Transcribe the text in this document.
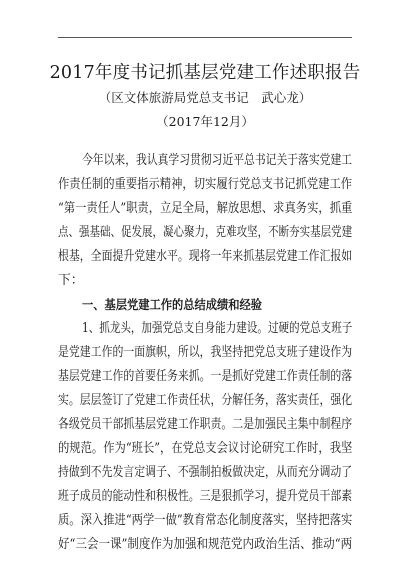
2017年度书记抓基层党建工作述职报告
（区文体旅游局党总支书记　武心龙）
（2017年12月）
今年以来，我认真学习贯彻习近平总书记关于落实党建工
作责任制的重要指示精神，切实履行党总支书记抓党建工作
“第一责任人”职责，立足全局，解放思想、求真务实，抓重
点、强基础、促发展，凝心聚力，克难攻坚，不断夯实基层党建
根基，全面提升党建水平。现将一年来抓基层党建工作汇报如
下：
一、基层党建工作的总结成绩和经验
1、抓龙头，加强党总支自身能力建设。过硬的党总支班子
是党建工作的一面旗帜，所以，我坚持把党总支班子建设作为
基层党建工作的首要任务来抓。一是抓好党建工作责任制的落
实。层层签订了党建工作责任状，分解任务，落实责任，强化
各级党员干部抓基层党建工作职责。二是加强民主集中制程序
的规范。作为“班长”，在党总支会议讨论研究工作时，我坚
持做到不先发言定调子、不强制拍板做决定，从而充分调动了
班子成员的能动性和积极性。三是狠抓学习，提升党员干部素
质。深入推进“两学一做”教育常态化制度落实，坚持把落实
好“三会一课”制度作为加强和规范党内政治生活、推动“两
